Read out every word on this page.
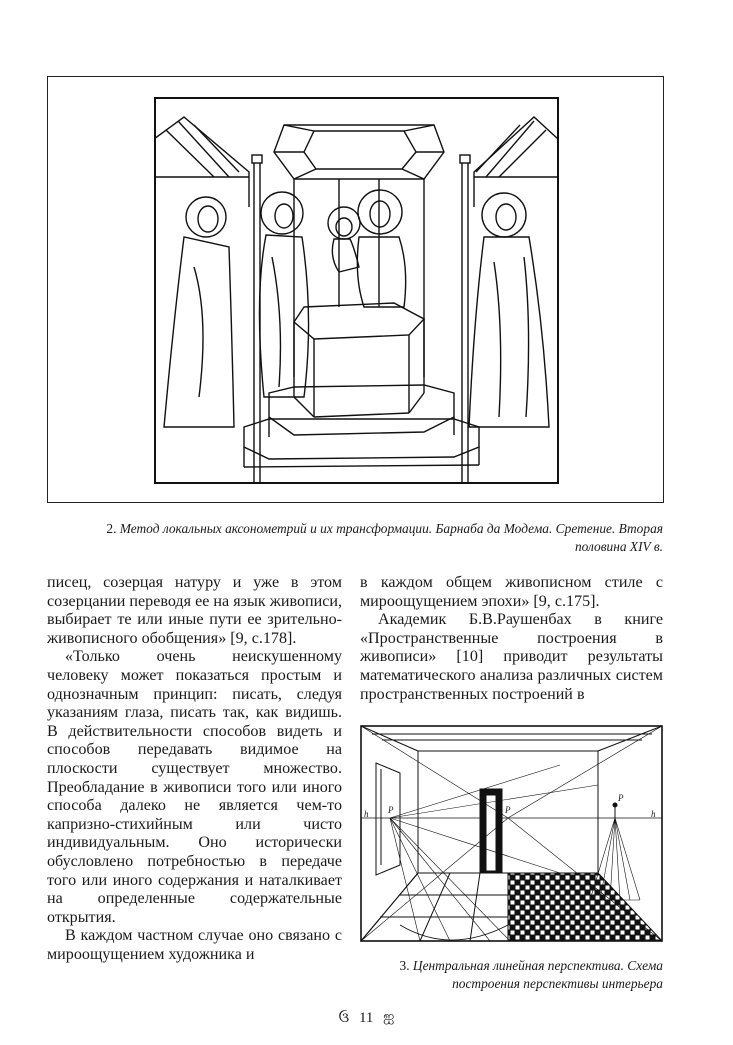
2. Метод локальных аксонометрий и их трансформации. Барнаба да Модема. Сретение. Вторая половина XIV в.

писец, созерцая натуру и уже в этом созерцании переводя ее на язык живописи, выбирает те или иные пути ее зрительно-живописного обобщения» [9, с.178].

«Только очень неискушенному человеку может показаться простым и однозначным принцип: писать, следуя указаниям глаза, писать так, как видишь. В действительности способов видеть и способов передавать видимое на плоскости существует множество. Преобладание в живописи того или иного способа далеко не является чем-то капризно-стихийным или чисто индивидуальным. Оно исторически обусловлено потребностью в передаче того или иного содержания и наталкивает на определенные содержательные открытия.

В каждом частном случае оно связано с мироощущением художника и

в каждом общем живописном стиле с мироощущением эпохи» [9, с.175].

Академик Б.В.Раушенбах в книге «Пространственные построения в живописи» [10] приводит результаты математического анализа различных систем пространственных построений в

h P	P	h
P
3. Центральная линейная перспектива. Схема построения перспективы интерьера
ઉ 11 ஐ
